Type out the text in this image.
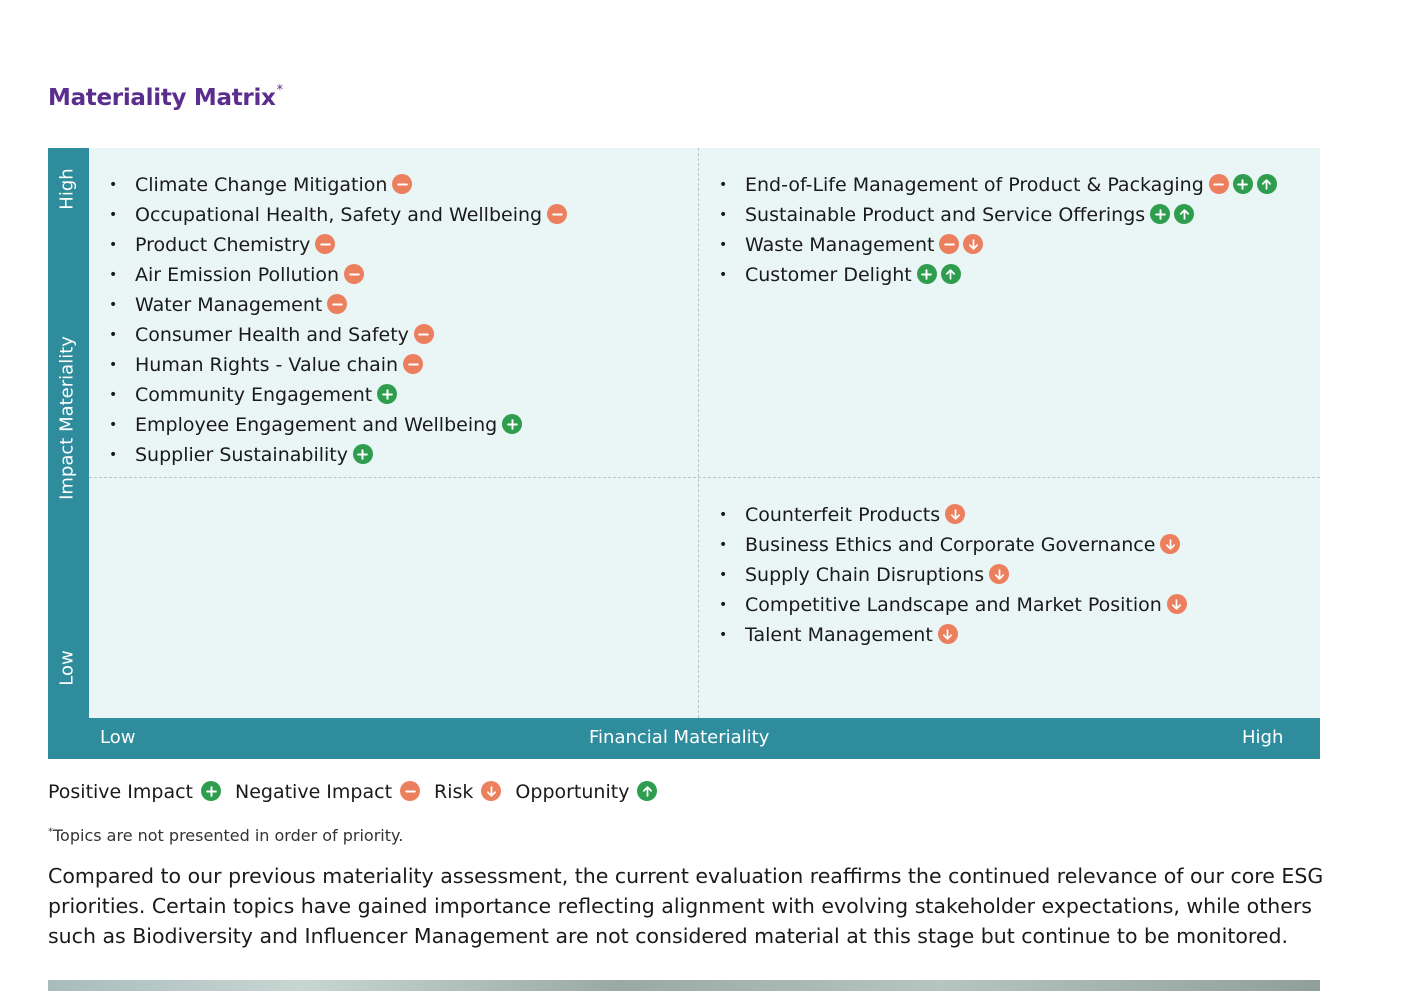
Materiality Matrix*
High
Impact Materiality
Low
• Climate Change Mitigation
• Occupational Health, Safety and Wellbeing
• Product Chemistry
• Air Emission Pollution
• Water Management
• Consumer Health and Safety
• Human Rights - Value chain
• Community Engagement
• Employee Engagement and Wellbeing
• Supplier Sustainability
• End-of-Life Management of Product & Packaging
• Sustainable Product and Service Offerings
• Waste Management
• Customer Delight
• Counterfeit Products
• Business Ethics and Corporate Governance
• Supply Chain Disruptions
• Competitive Landscape and Market Position
• Talent Management
Low	Financial Materiality	High
Positive Impact Negative Impact Risk Opportunity
*Topics are not presented in order of priority.
Compared to our previous materiality assessment, the current evaluation reaffirms the continued relevance of our core ESG priorities. Certain topics have gained importance reflecting alignment with evolving stakeholder expectations, while others such as Biodiversity and Influencer Management are not considered material at this stage but continue to be monitored.
